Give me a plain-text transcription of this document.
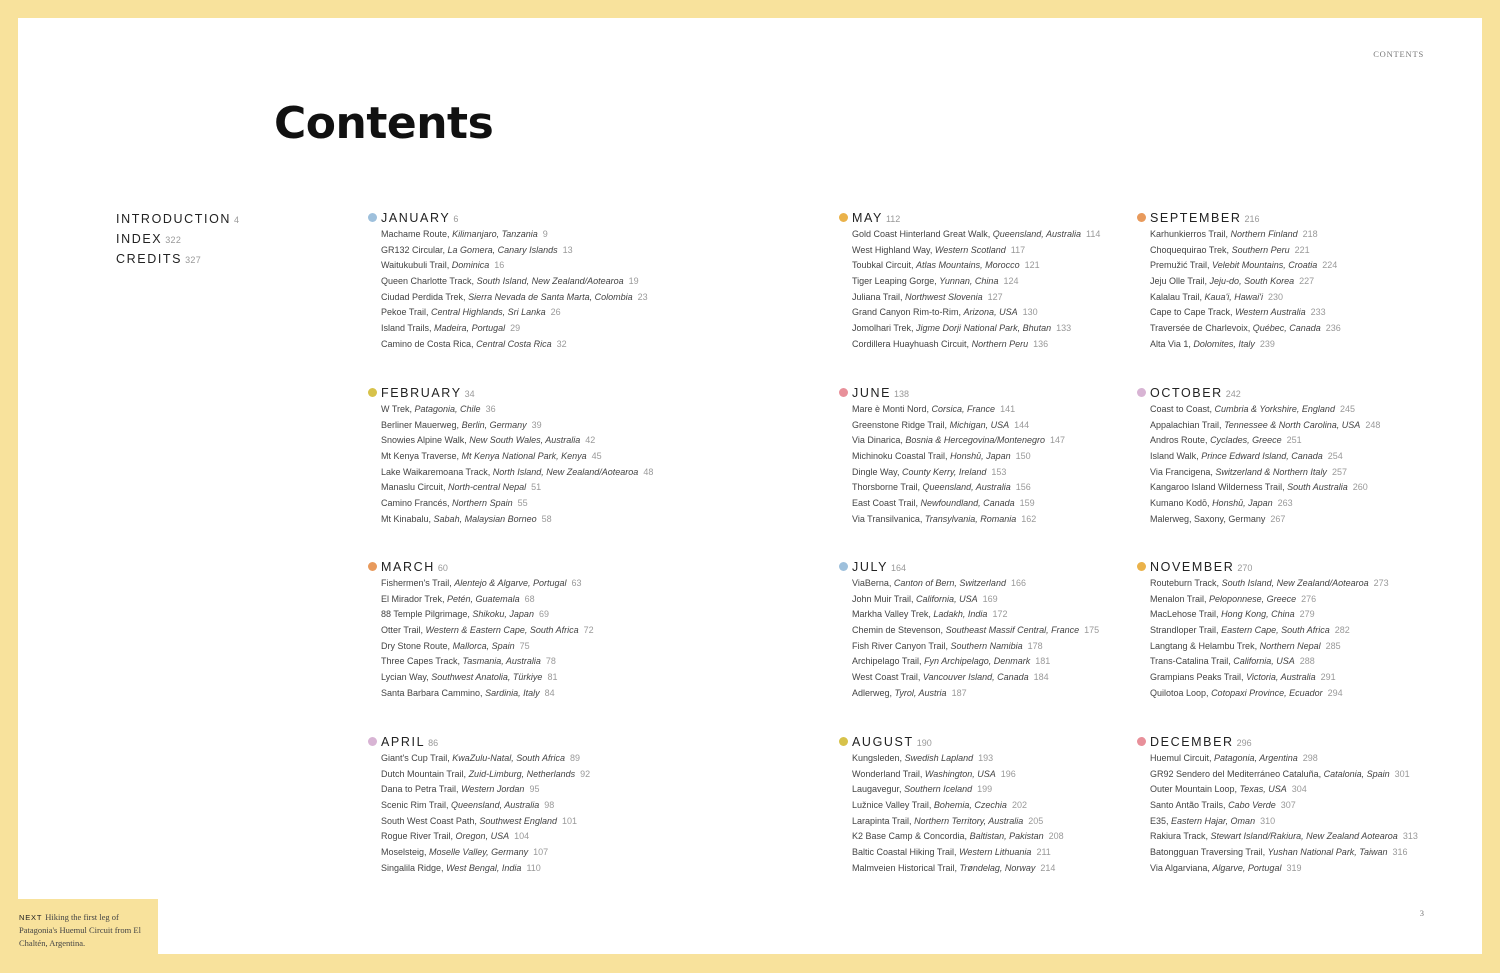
CONTENTS
Contents
INTRODUCTION 4
INDEX 322
CREDITS 327
JANUARY 6
Machame Route, Kilimanjaro, Tanzania 9
GR132 Circular, La Gomera, Canary Islands 13
Waitukubuli Trail, Dominica 16
Queen Charlotte Track, South Island, New Zealand/Aotearoa 19
Ciudad Perdida Trek, Sierra Nevada de Santa Marta, Colombia 23
Pekoe Trail, Central Highlands, Sri Lanka 26
Island Trails, Madeira, Portugal 29
Camino de Costa Rica, Central Costa Rica 32
FEBRUARY 34
W Trek, Patagonia, Chile 36
Berliner Mauerweg, Berlin, Germany 39
Snowies Alpine Walk, New South Wales, Australia 42
Mt Kenya Traverse, Mt Kenya National Park, Kenya 45
Lake Waikaremoana Track, North Island, New Zealand/Aotearoa 48
Manaslu Circuit, North-central Nepal 51
Camino Francés, Northern Spain 55
Mt Kinabalu, Sabah, Malaysian Borneo 58
MARCH 60
Fishermen's Trail, Alentejo & Algarve, Portugal 63
El Mirador Trek, Petén, Guatemala 68
88 Temple Pilgrimage, Shikoku, Japan 69
Otter Trail, Western & Eastern Cape, South Africa 72
Dry Stone Route, Mallorca, Spain 75
Three Capes Track, Tasmania, Australia 78
Lycian Way, Southwest Anatolia, Türkiye 81
Santa Barbara Cammino, Sardinia, Italy 84
APRIL 86
Giant's Cup Trail, KwaZulu-Natal, South Africa 89
Dutch Mountain Trail, Zuid-Limburg, Netherlands 92
Dana to Petra Trail, Western Jordan 95
Scenic Rim Trail, Queensland, Australia 98
South West Coast Path, Southwest England 101
Rogue River Trail, Oregon, USA 104
Moselsteig, Moselle Valley, Germany 107
Singalila Ridge, West Bengal, India 110
MAY 112
Gold Coast Hinterland Great Walk, Queensland, Australia 114
West Highland Way, Western Scotland 117
Toubkal Circuit, Atlas Mountains, Morocco 121
Tiger Leaping Gorge, Yunnan, China 124
Juliana Trail, Northwest Slovenia 127
Grand Canyon Rim-to-Rim, Arizona, USA 130
Jomolhari Trek, Jigme Dorji National Park, Bhutan 133
Cordillera Huayhuash Circuit, Northern Peru 136
JUNE 138
Mare è Monti Nord, Corsica, France 141
Greenstone Ridge Trail, Michigan, USA 144
Via Dinarica, Bosnia & Hercegovina/Montenegro 147
Michinoku Coastal Trail, Honshū, Japan 150
Dingle Way, County Kerry, Ireland 153
Thorsborne Trail, Queensland, Australia 156
East Coast Trail, Newfoundland, Canada 159
Via Transilvanica, Transylvania, Romania 162
JULY 164
ViaBerna, Canton of Bern, Switzerland 166
John Muir Trail, California, USA 169
Markha Valley Trek, Ladakh, India 172
Chemin de Stevenson, Southeast Massif Central, France 175
Fish River Canyon Trail, Southern Namibia 178
Archipelago Trail, Fyn Archipelago, Denmark 181
West Coast Trail, Vancouver Island, Canada 184
Adlerweg, Tyrol, Austria 187
AUGUST 190
Kungsleden, Swedish Lapland 193
Wonderland Trail, Washington, USA 196
Laugavegur, Southern Iceland 199
Lužnice Valley Trail, Bohemia, Czechia 202
Larapinta Trail, Northern Territory, Australia 205
K2 Base Camp & Concordia, Baltistan, Pakistan 208
Baltic Coastal Hiking Trail, Western Lithuania 211
Malmveien Historical Trail, Trøndelag, Norway 214
SEPTEMBER 216
Karhunkierros Trail, Northern Finland 218
Choquequirao Trek, Southern Peru 221
Premužić Trail, Velebit Mountains, Croatia 224
Jeju Olle Trail, Jeju-do, South Korea 227
Kalalau Trail, Kaua'i, Hawai'i 230
Cape to Cape Track, Western Australia 233
Traversée de Charlevoix, Québec, Canada 236
Alta Via 1, Dolomites, Italy 239
OCTOBER 242
Coast to Coast, Cumbria & Yorkshire, England 245
Appalachian Trail, Tennessee & North Carolina, USA 248
Andros Route, Cyclades, Greece 251
Island Walk, Prince Edward Island, Canada 254
Via Francigena, Switzerland & Northern Italy 257
Kangaroo Island Wilderness Trail, South Australia 260
Kumano Kodō, Honshū, Japan 263
Malerweg, Saxony, Germany 267
NOVEMBER 270
Routeburn Track, South Island, New Zealand/Aotearoa 273
Menalon Trail, Peloponnese, Greece 276
MacLehose Trail, Hong Kong, China 279
Strandloper Trail, Eastern Cape, South Africa 282
Langtang & Helambu Trek, Northern Nepal 285
Trans-Catalina Trail, California, USA 288
Grampians Peaks Trail, Victoria, Australia 291
Quilotoa Loop, Cotopaxi Province, Ecuador 294
DECEMBER 296
Huemul Circuit, Patagonia, Argentina 298
GR92 Sendero del Mediterráneo Cataluña, Catalonia, Spain 301
Outer Mountain Loop, Texas, USA 304
Santo Antão Trails, Cabo Verde 307
E35, Eastern Hajar, Oman 310
Rakiura Track, Stewart Island/Rakiura, New Zealand Aotearoa 313
Batongguan Traversing Trail, Yushan National Park, Taiwan 316
Via Algarviana, Algarve, Portugal 319
NEXT Hiking the first leg of Patagonia's Huemul Circuit from El Chaltén, Argentina.
3
